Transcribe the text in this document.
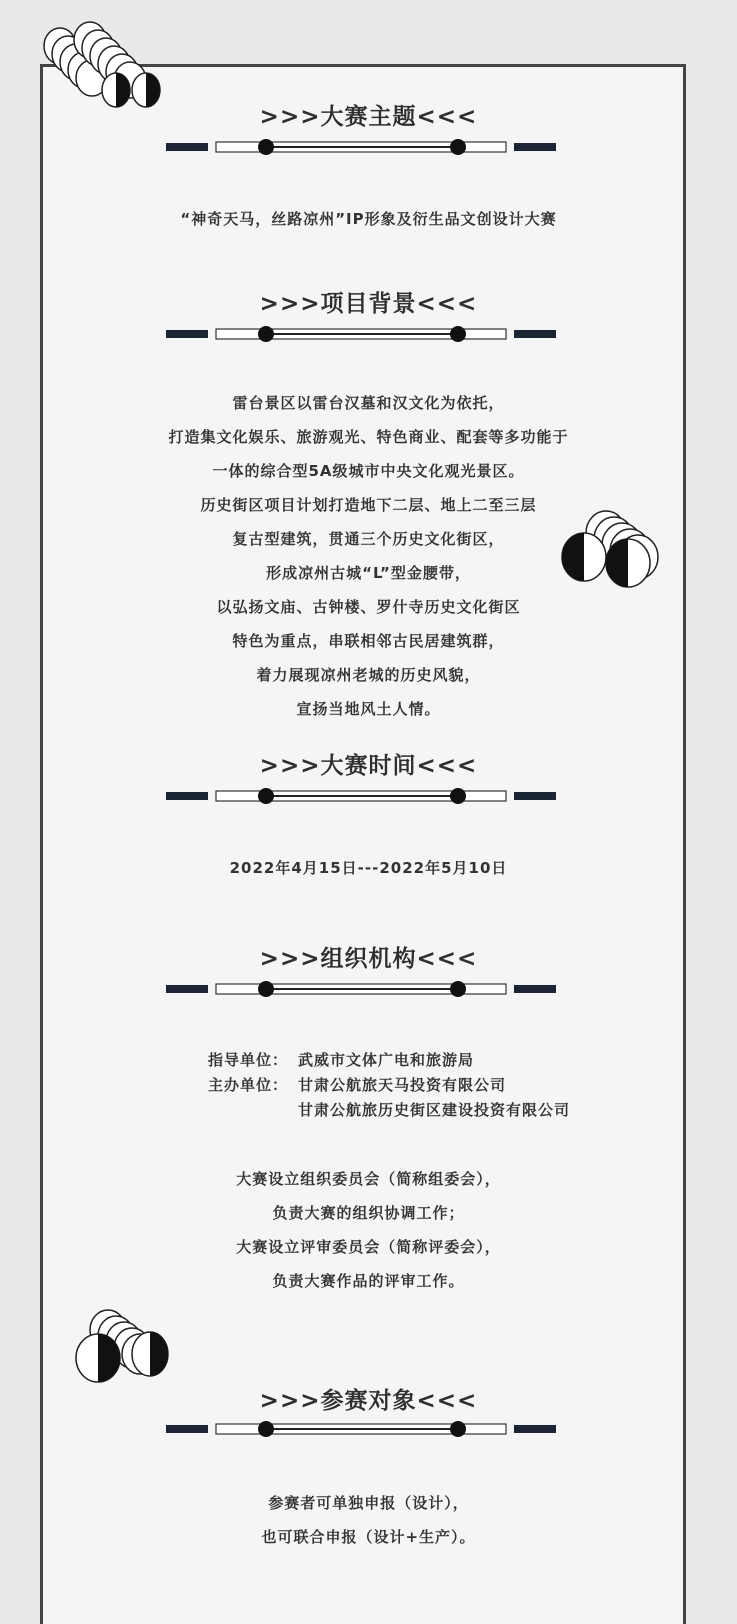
>>>大赛主题<<<
“神奇天马，丝路凉州”IP形象及衍生品文创设计大赛
>>>项目背景<<<
雷台景区以雷台汉墓和汉文化为依托，
打造集文化娱乐、旅游观光、特色商业、配套等多功能于
一体的综合型5A级城市中央文化观光景区。
历史街区项目计划打造地下二层、地上二至三层
复古型建筑，贯通三个历史文化街区，
形成凉州古城“L”型金腰带，
以弘扬文庙、古钟楼、罗什寺历史文化街区
特色为重点，串联相邻古民居建筑群，
着力展现凉州老城的历史风貌，
宣扬当地风土人情。
>>>大赛时间<<<
2022年4月15日---2022年5月10日
>>>组织机构<<<
指导单位： 武威市文体广电和旅游局
主办单位： 甘肃公航旅天马投资有限公司
甘肃公航旅历史街区建设投资有限公司
大赛设立组织委员会（简称组委会），
负责大赛的组织协调工作；
大赛设立评审委员会（简称评委会），
负责大赛作品的评审工作。
>>>参赛对象<<<
参赛者可单独申报（设计），
也可联合申报（设计+生产）。
